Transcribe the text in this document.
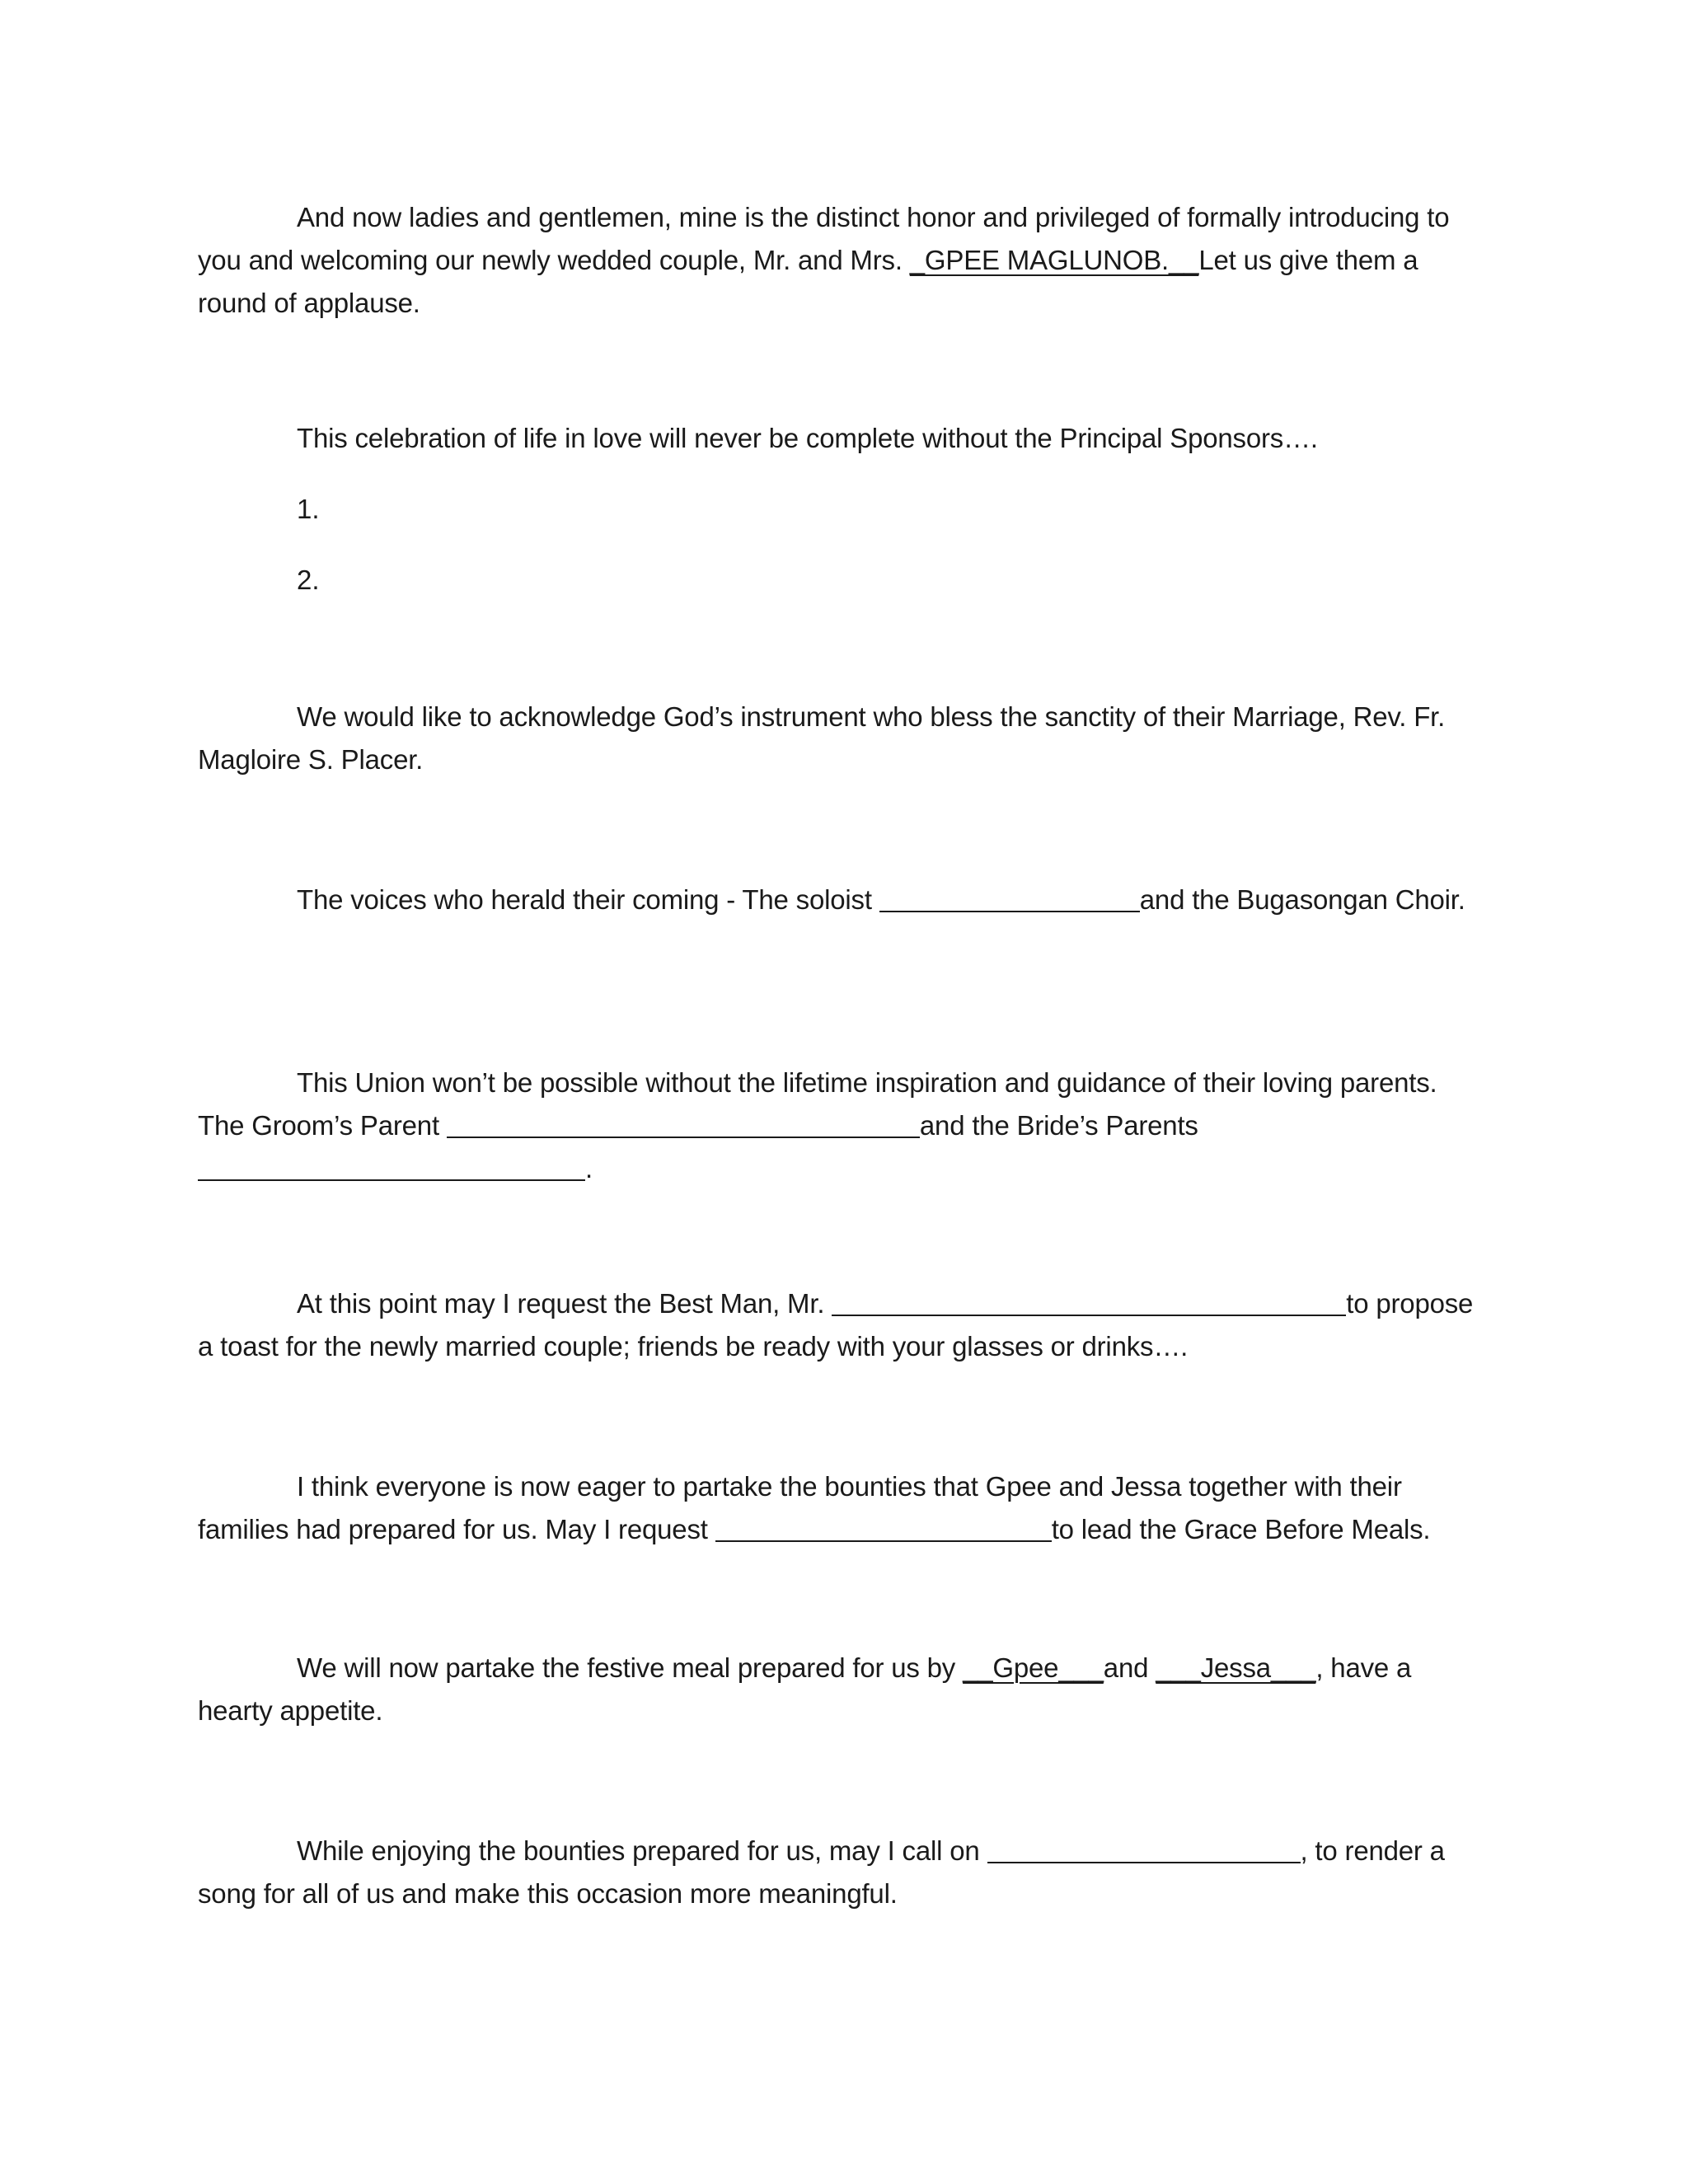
And now ladies and gentlemen, mine is the distinct honor and privileged of formally introducing to you and welcoming our newly wedded couple, Mr. and Mrs. _GPEE MAGLUNOB.__Let us give them a round of applause.

This celebration of life in love will never be complete without the Principal Sponsors….

1.

2.

We would like to acknowledge God’s instrument who bless the sanctity of their Marriage, Rev. Fr. Magloire S. Placer.

The voices who herald their coming - The soloist	and the Bugasongan Choir.

This Union won’t be possible without the lifetime inspiration and guidance of their loving parents. The Groom’s Parent	and the Bride’s Parents
.

At this point may I request the Best Man, Mr.	to propose a toast for the newly married couple; friends be ready with your glasses or drinks….

I think everyone is now eager to partake the bounties that Gpee and Jessa together with their families had prepared for us. May I request	to lead the Grace Before Meals.

We will now partake the festive meal prepared for us by __Gpee___and ___Jessa___, have a hearty appetite.

While enjoying the bounties prepared for us, may I call on	, to render a song for all of us and make this occasion more meaningful.
